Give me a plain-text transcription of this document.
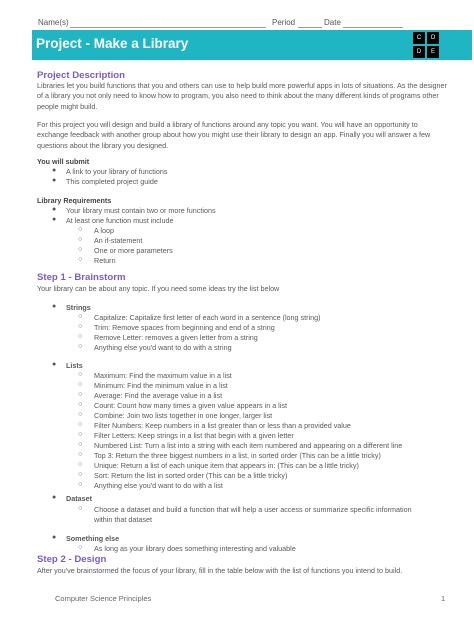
Name(s)	Period	Date
Project - Make a Library	C	O
D	E
Project Description
Libraries let you build functions that you and others can use to help build more powerful apps in lots of situations. As the designer of a library you not only need to know how to program, you also need to think about the many different kinds of programs other people might build.
For this project you will design and build a library of functions around any topic you want. You will have an opportunity to exchange feedback with another group about how you might use their library to design an app. Finally you will answer a few questions about the library you designed.
You will submit
● A link to your library of functions
● This completed project guide
Library Requirements
● Your library must contain two or more functions
● At least one function must include
○ A loop
○ An if-statement
○ One or more parameters
○ Return
Step 1 - Brainstorm
Your library can be about any topic. If you need some ideas try the list below
● Strings
○ Capitalize: Capitalize first letter of each word in a sentence (long string)
○ Trim: Remove spaces from beginning and end of a string
○ Remove Letter: removes a given letter from a string
○ Anything else you'd want to do with a string
● Lists
○ Maximum: Find the maximum value in a list
○ Minimum: Find the minimum value in a list
○ Average: Find the average value in a list
○ Count: Count how many times a given value appears in a list
○ Combine: Join two lists together in one longer, larger list
○ Filter Numbers: Keep numbers in a list greater than or less than a provided value
○ Filter Letters: Keep strings in a list that begin with a given letter
○ Numbered List: Turn a list into a string with each item numbered and appearing on a different line
○ Top 3: Return the three biggest numbers in a list, in sorted order (This can be a little tricky)
○ Unique: Return a list of each unique item that appears in: (This can be a little tricky)
○ Sort: Return the list in sorted order (This can be a little tricky)
○ Anything else you'd want to do with a list
● Dataset
○ Choose a dataset and build a function that will help a user access or summarize specific information
within that dataset
● Something else
○ As long as your library does something interesting and valuable
Step 2 - Design
After you've brainstormed the focus of your library, fill in the table below with the list of functions you intend to build.
Computer Science Principles	1
